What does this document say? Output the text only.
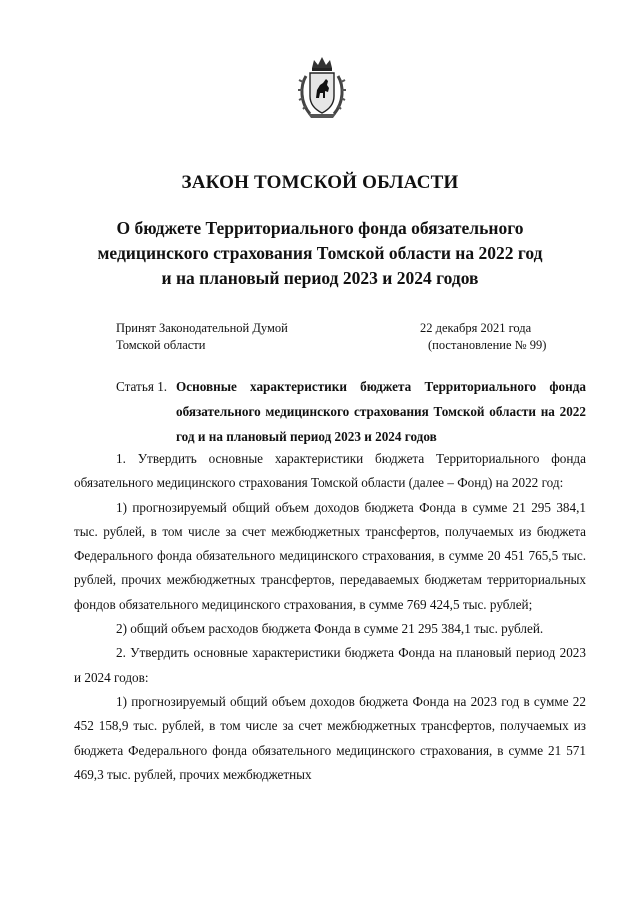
ЗАКОН ТОМСКОЙ ОБЛАСТИ
О бюджете Территориального фонда обязательного
медицинского страхования Томской области на 2022 год
и на плановый период 2023 и 2024 годов
Принят Законодательной Думой
Томской области
22 декабря 2021 года
(постановление № 99)
Статья 1. Основные характеристики бюджета Территориального фонда обязательного медицинского страхования Томской области на 2022 год и на плановый период 2023 и 2024 годов

1. Утвердить основные характеристики бюджета Территориального фонда обязательного медицинского страхования Томской области (далее – Фонд) на 2022 год:

1) прогнозируемый общий объем доходов бюджета Фонда в сумме 21 295 384,1 тыс. рублей, в том числе за счет межбюджетных трансфертов, получаемых из бюджета Федерального фонда обязательного медицинского страхования, в сумме 20 451 765,5 тыс. рублей, прочих межбюджетных трансфертов, передаваемых бюджетам территориальных фондов обязательного медицинского страхования, в сумме 769 424,5 тыс. рублей;

2) общий объем расходов бюджета Фонда в сумме 21 295 384,1 тыс. рублей.

2. Утвердить основные характеристики бюджета Фонда на плановый период 2023 и 2024 годов:

1) прогнозируемый общий объем доходов бюджета Фонда на 2023 год в сумме 22 452 158,9 тыс. рублей, в том числе за счет межбюджетных трансфертов, получаемых из бюджета Федерального фонда обязательного медицинского страхования, в сумме 21 571 469,3 тыс. рублей, прочих межбюджетных
